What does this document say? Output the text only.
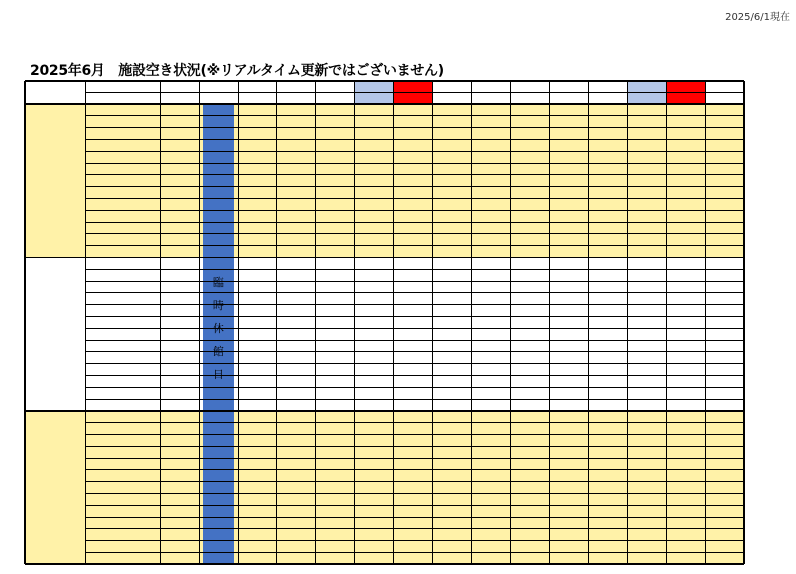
2025/6/1現在
2025年6月　施設空き状況(※リアルタイム更新ではございません)
臨
時
休
館
日
